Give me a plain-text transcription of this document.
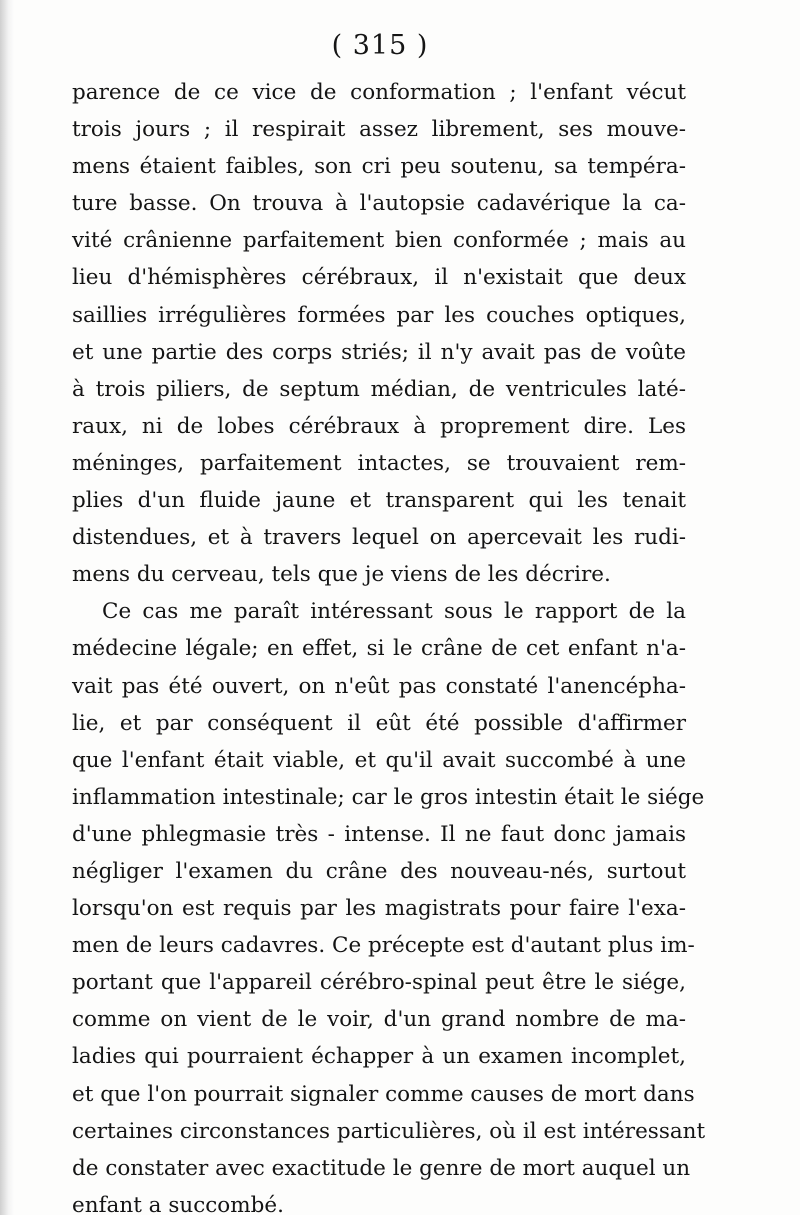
( 315 )
parence de ce vice de conformation ; l'enfant vécut
trois jours ; il respirait assez librement, ses mouve-
mens étaient faibles, son cri peu soutenu, sa tempéra-
ture basse. On trouva à l'autopsie cadavérique la ca-
vité crânienne parfaitement bien conformée ; mais au
lieu d'hémisphères cérébraux, il n'existait que deux
saillies irrégulières formées par les couches optiques,
et une partie des corps striés; il n'y avait pas de voûte
à trois piliers, de septum médian, de ventricules laté-
raux, ni de lobes cérébraux à proprement dire. Les
méninges, parfaitement intactes, se trouvaient rem-
plies d'un fluide jaune et transparent qui les tenait
distendues, et à travers lequel on apercevait les rudi-
mens du cerveau, tels que je viens de les décrire.
Ce cas me paraît intéressant sous le rapport de la
médecine légale; en effet, si le crâne de cet enfant n'a-
vait pas été ouvert, on n'eût pas constaté l'anencépha-
lie, et par conséquent il eût été possible d'affirmer
que l'enfant était viable, et qu'il avait succombé à une
inflammation intestinale; car le gros intestin était le siége
d'une phlegmasie très - intense. Il ne faut donc jamais
négliger l'examen du crâne des nouveau-nés, surtout
lorsqu'on est requis par les magistrats pour faire l'exa-
men de leurs cadavres. Ce précepte est d'autant plus im-
portant que l'appareil cérébro-spinal peut être le siége,
comme on vient de le voir, d'un grand nombre de ma-
ladies qui pourraient échapper à un examen incomplet,
et que l'on pourrait signaler comme causes de mort dans
certaines circonstances particulières, où il est intéressant
de constater avec exactitude le genre de mort auquel un
enfant a succombé.
